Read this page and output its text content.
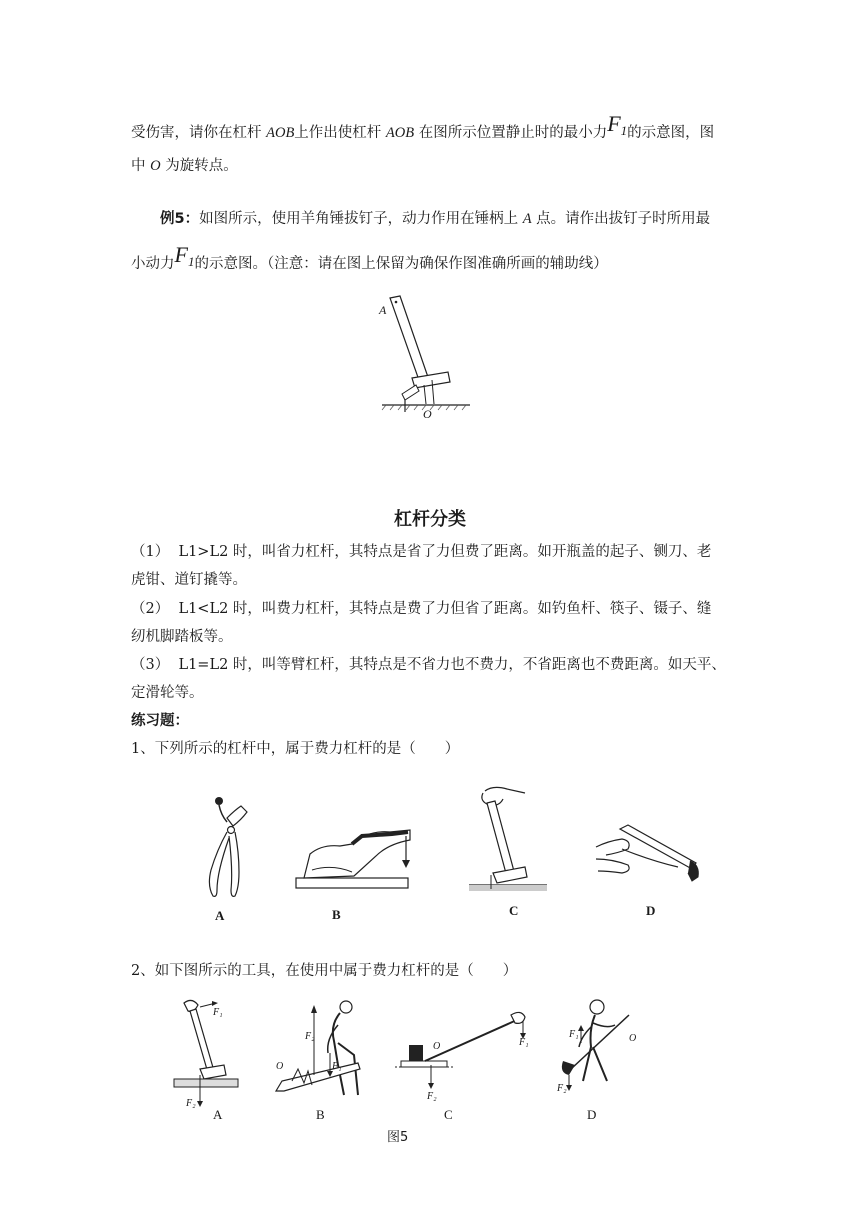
受伤害，请你在杠杆 AOB上作出使杠杆 AOB 在图所示位置静止时的最小力F1的示意图，图
中 O 为旋转点。
例5：如图所示，使用羊角锤拔钉子，动力作用在锤柄上 A 点。请作出拔钉子时所用最
小动力F1的示意图。（注意：请在图上保留为确保作图准确所画的辅助线）
A
O
杠杆分类
（1） L1>L2 时，叫省力杠杆，其特点是省了力但费了距离。如开瓶盖的起子、铡刀、老
虎钳、道钉撬等。
（2） L1<L2 时，叫费力杠杆，其特点是费了力但省了距离。如钓鱼杆、筷子、镊子、缝
纫机脚踏板等。
（3） L1=L2 时，叫等臂杠杆，其特点是不省力也不费力，不省距离也不费距离。如天平、
定滑轮等。
练习题：
1、下列所示的杠杆中，属于费力杠杆的是（　　）
A	B	C	D
2、如下图所示的工具，在使用中属于费力杠杆的是（　　）
F₁
F₂
A
F₂
O	F₁
B
O	F₁
F₂
C
F₁	O
F₂
D
图5
